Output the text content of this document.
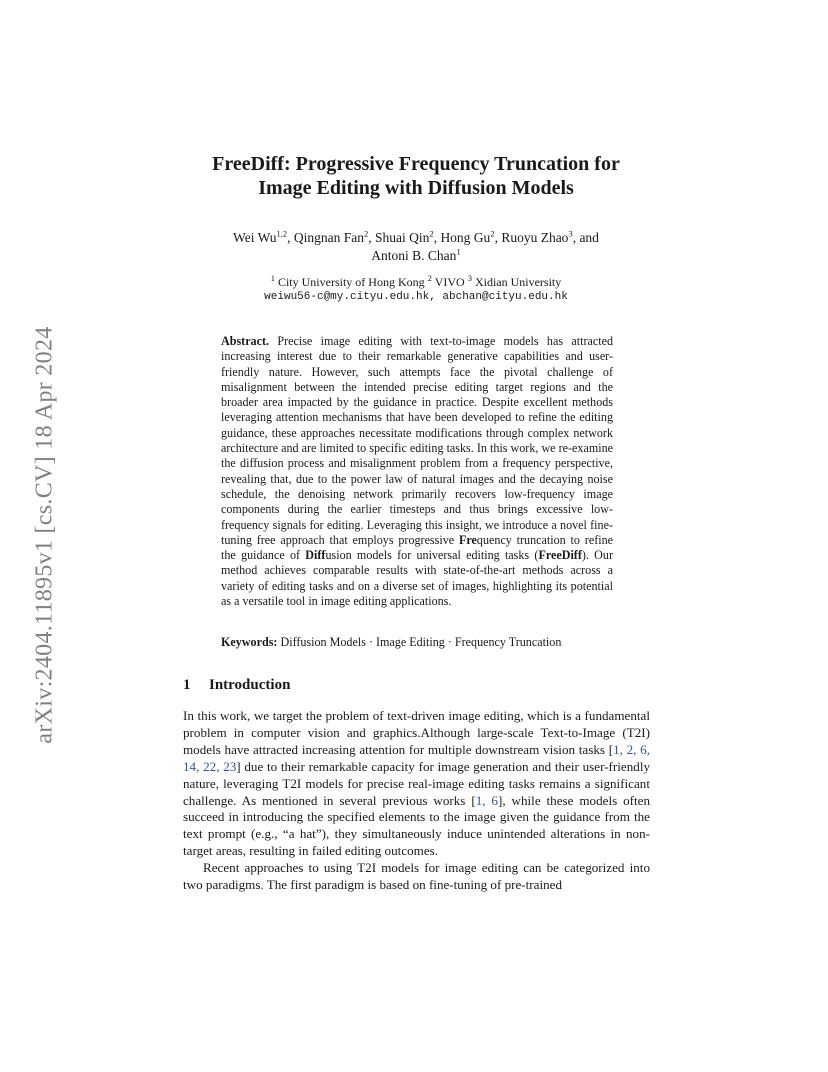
arXiv:2404.11895v1 [cs.CV] 18 Apr 2024
FreeDiff: Progressive Frequency Truncation for
Image Editing with Diffusion Models
Wei Wu$^{1,2}$, Qingnan Fan$^2$, Shuai Qin$^2$, Hong Gu$^2$, Ruoyu Zhao$^3$, and
Antoni B. Chan$^1$
$^1$ City University of Hong Kong $^2$ VIVO $^3$ Xidian University
weiwu56-c@my.cityu.edu.hk, abchan@cityu.edu.hk
Abstract. Precise image editing with text-to-image models has attracted increasing interest due to their remarkable generative capabilities and user-friendly nature. However, such attempts face the pivotal challenge of misalignment between the intended precise editing target regions and the broader area impacted by the guidance in practice. Despite excellent methods leveraging attention mechanisms that have been developed to refine the editing guidance, these approaches necessitate modifications through complex network architecture and are limited to specific editing tasks. In this work, we re-examine the diffusion process and misalignment problem from a frequency perspective, revealing that, due to the power law of natural images and the decaying noise schedule, the denoising network primarily recovers low-frequency image components during the earlier timesteps and thus brings excessive low-frequency signals for editing. Leveraging this insight, we introduce a novel fine-tuning free approach that employs progressive Frequency truncation to refine the guidance of Diffusion models for universal editing tasks (FreeDiff). Our method achieves comparable results with state-of-the-art methods across a variety of editing tasks and on a diverse set of images, highlighting its potential as a versatile tool in image editing applications.
Keywords: Diffusion Models · Image Editing · Frequency Truncation
1 Introduction

In this work, we target the problem of text-driven image editing, which is a fundamental problem in computer vision and graphics.Although large-scale Text-to-Image (T2I) models have attracted increasing attention for multiple downstream vision tasks [1, 2, 6, 14, 22, 23] due to their remarkable capacity for image generation and their user-friendly nature, leveraging T2I models for precise real-image editing tasks remains a significant challenge. As mentioned in several previous works [1, 6], while these models often succeed in introducing the specified elements to the image given the guidance from the text prompt (e.g., “a hat”), they simultaneously induce unintended alterations in non-target areas, resulting in failed editing outcomes.

Recent approaches to using T2I models for image editing can be categorized into two paradigms. The first paradigm is based on fine-tuning of pre-trained
